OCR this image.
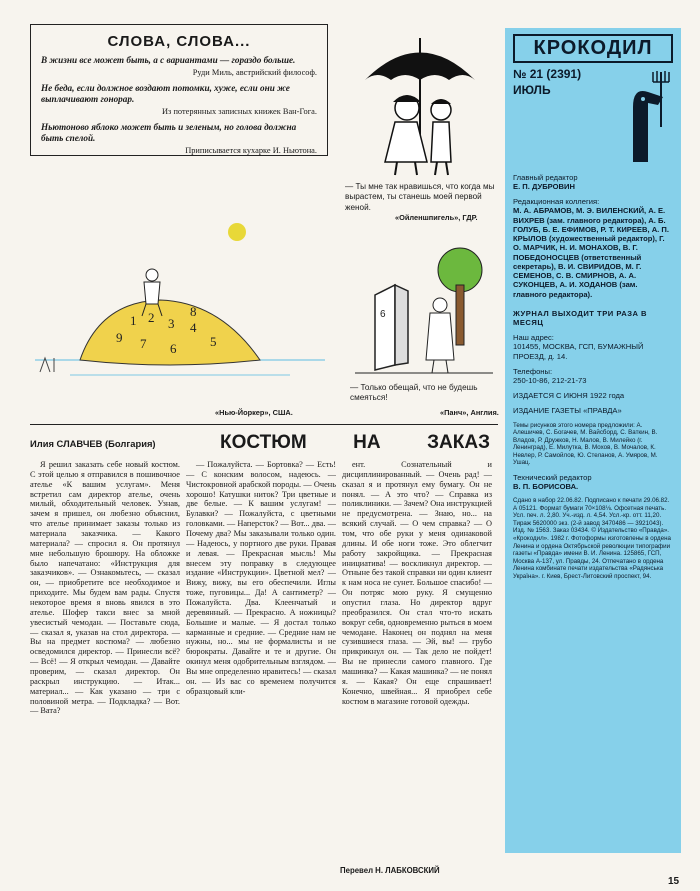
СЛОВА, СЛОВА...
В жизни все может быть, а с вариантами — гораздо больше.
Руди Миль, австрийский философ.
Не беда, если должное воздают потомки, хуже, если они же выплачивают гонорар.
Из потерянных записных книжек Ван-Гога.
Ньютоново яблоко может быть и зеленым, но голова должна быть спелой.
Приписывается кухарке И. Ньютона.
— Ты мне так нравишься, что когда мы вырастем, ты станешь моей первой женой.
«Ойленшпигель», ГДР.
1 2 3 4
5
6
7
8
9
«Нью-Йоркер», США.
6
— Только обещай, что не будешь смеяться!
«Панч», Англия.
КРОКОДИЛ
№ 21 (2391)
ИЮЛЬ
Главный редактор
Е. П. ДУБРОВИН
Редакционная коллегия:
М. А. АБРАМОВ, М. Э. ВИЛЕНСКИЙ, А. Е. ВИХРЕВ (зам. главного редактора), А. Б. ГОЛУБ, Б. Е. ЕФИМОВ, Р. Т. КИРЕЕВ, А. П. КРЫЛОВ (художественный редактор), Г. О. МАРЧИК, Н. И. МОНАХОВ, В. Г. ПОБЕДОНОСЦЕВ (ответственный секретарь), В. И. СВИРИДОВ, М. Г. СЕМЕНОВ, С. В. СМИРНОВ, А. А. СУКОНЦЕВ, А. И. ХОДАНОВ (зам. главного редактора).
ЖУРНАЛ ВЫХОДИТ ТРИ РАЗА В МЕСЯЦ
Наш адрес:
101455, МОСКВА, ГСП, БУМАЖНЫЙ ПРОЕЗД, д. 14.
Телефоны:
250-10-86, 212-21-73
ИЗДАЕТСЯ С ИЮНЯ 1922 года
ИЗДАНИЕ ГАЗЕТЫ «ПРАВДА»
Темы рисунков этого номера предложили: А. Алешичев, С. Богачев, М. Вайсборд, С. Ваткин, В. Владов, Р. Дружков, Н. Малов, В. Милейко (г. Ленинград), Е. Милутка, В. Мохов, В. Мочалов, К. Невлер, Р. Самойлов, Ю. Стеланов, А. Умяров, М. Ушац.
Технический редактор
В. П. БОРИСОВА.
Сдано в набор 22.06.82. Подписано к печати 29.06.82. А 05121. Формат бумаги 70×108⅛. Офсетная печать. Усл. печ. л. 2,80. Уч.-изд. л. 4,54. Усл.-кр. отт. 11,20. Тираж 5620000 экз. (2-й завод 3470486 — 3921043). Изд. № 1563. Заказ 03434. © Издательство «Правда». «Крокодил». 1982 г. Фотоформы изготовлены в ордена Ленина и ордена Октябрьской революции типографии газеты «Правда» имени В. И. Ленина. 125865, ГСП, Москва А-137, ул. Правды, 24. Отпечатано в ордена Ленина комбинате печати издательства «Радянська Украïна». г. Киев, Брест-Литовский проспект, 94.
Илия СЛАВЧЕВ (Болгария)	КОСТЮМ НА ЗАКАЗ

Я решил заказать себе новый костюм. С этой целью я отправился в пошивочное ателье «К вашим услугам». Меня встретил сам директор ателье, очень милый, обходительный человек. Узнав, зачем я пришел, он любезно объяснил, что ателье принимает заказы только из материала заказчика. — Какого материала? — спросил я. Он протянул мне небольшую брошюру. На обложке было напечатано: «Инструкция для заказчиков». — Ознакомьтесь, — сказал он, — приобретите все необходимое и приходите. Мы будем вам рады. Спустя некоторое время я вновь явился в это ателье. Шофер такси внес за мной увесистый чемодан. — Поставьте сюда, — сказал я, указав на стол директора. — Вы на предмет костюма? — любезно осведомился директор. — Принесли всё? — Всё! — Я открыл чемодан. — Давайте проверим, — сказал директор. Он раскрыл инструкцию. — Итак... материал... — Как указано — три с половиной метра. — Подкладка? — Вот. — Вата?

— Пожалуйста. — Бортовка? — Есть! — С конским волосом, надеюсь. — Чистокровной арабской породы. — Очень хорошо! Катушки ниток? Три цветные и две белые. — К вашим услугам! — Булавки? — Пожалуйста, с цветными головками. — Наперсток? — Вот... два. — Почему два? Мы заказывали только один. — Надеюсь, у портного две руки. Правая и левая. — Прекрасная мысль! Мы внесем эту поправку в следующее издание «Инструкции». Цветной мел? — Вижу, вижу, вы его обеспечили. Иглы тоже, пуговицы... Да! А сантиметр? — Пожалуйста. Два. Клеенчатый и деревянный. — Прекрасно. А ножницы? Большие и малые. — Я достал только карманные и средние. — Средние нам не нужны, но... мы не формалисты и не бюрократы. Давайте и те и другие. Он окинул меня одобрительным взглядом. — Вы мне определенно нравитесь! — сказал он. — Из вас со временем получится образцовый кли-

ент. Сознательный и дисциплинированный. — Очень рад! — сказал я и протянул ему бумагу. Он не понял. — А это что? — Справка из поликлиники. — Зачем? Она инструкцией не предусмотрена. — Знаю, но... на всякий случай. — О чем справка? — О том, что обе руки у меня одинаковой длины. И обе ноги тоже. Это облегчит работу закройщика. — Прекрасная инициатива! — воскликнул директор. — Отныне без такой справки ни один клиент к нам носа не сунет. Большое спасибо! — Он потряс мою руку. Я смущенно опустил глаза. Но директор вдруг преобразился. Он стал что-то искать вокруг себя, одновременно рыться в моем чемодане. Наконец он поднял на меня сузившиеся глаза. — Эй, вы! — грубо прикрикнул он. — Так дело не пойдет! Вы не принесли самого главного. Где машинка? — Какая машинка? — не понял я. — Какая? Он еще спрашивает! Конечно, швейная... Я приобрел себе костюм в магазине готовой одежды.

Перевел Н. ЛАБКОВСКИЙ
15
